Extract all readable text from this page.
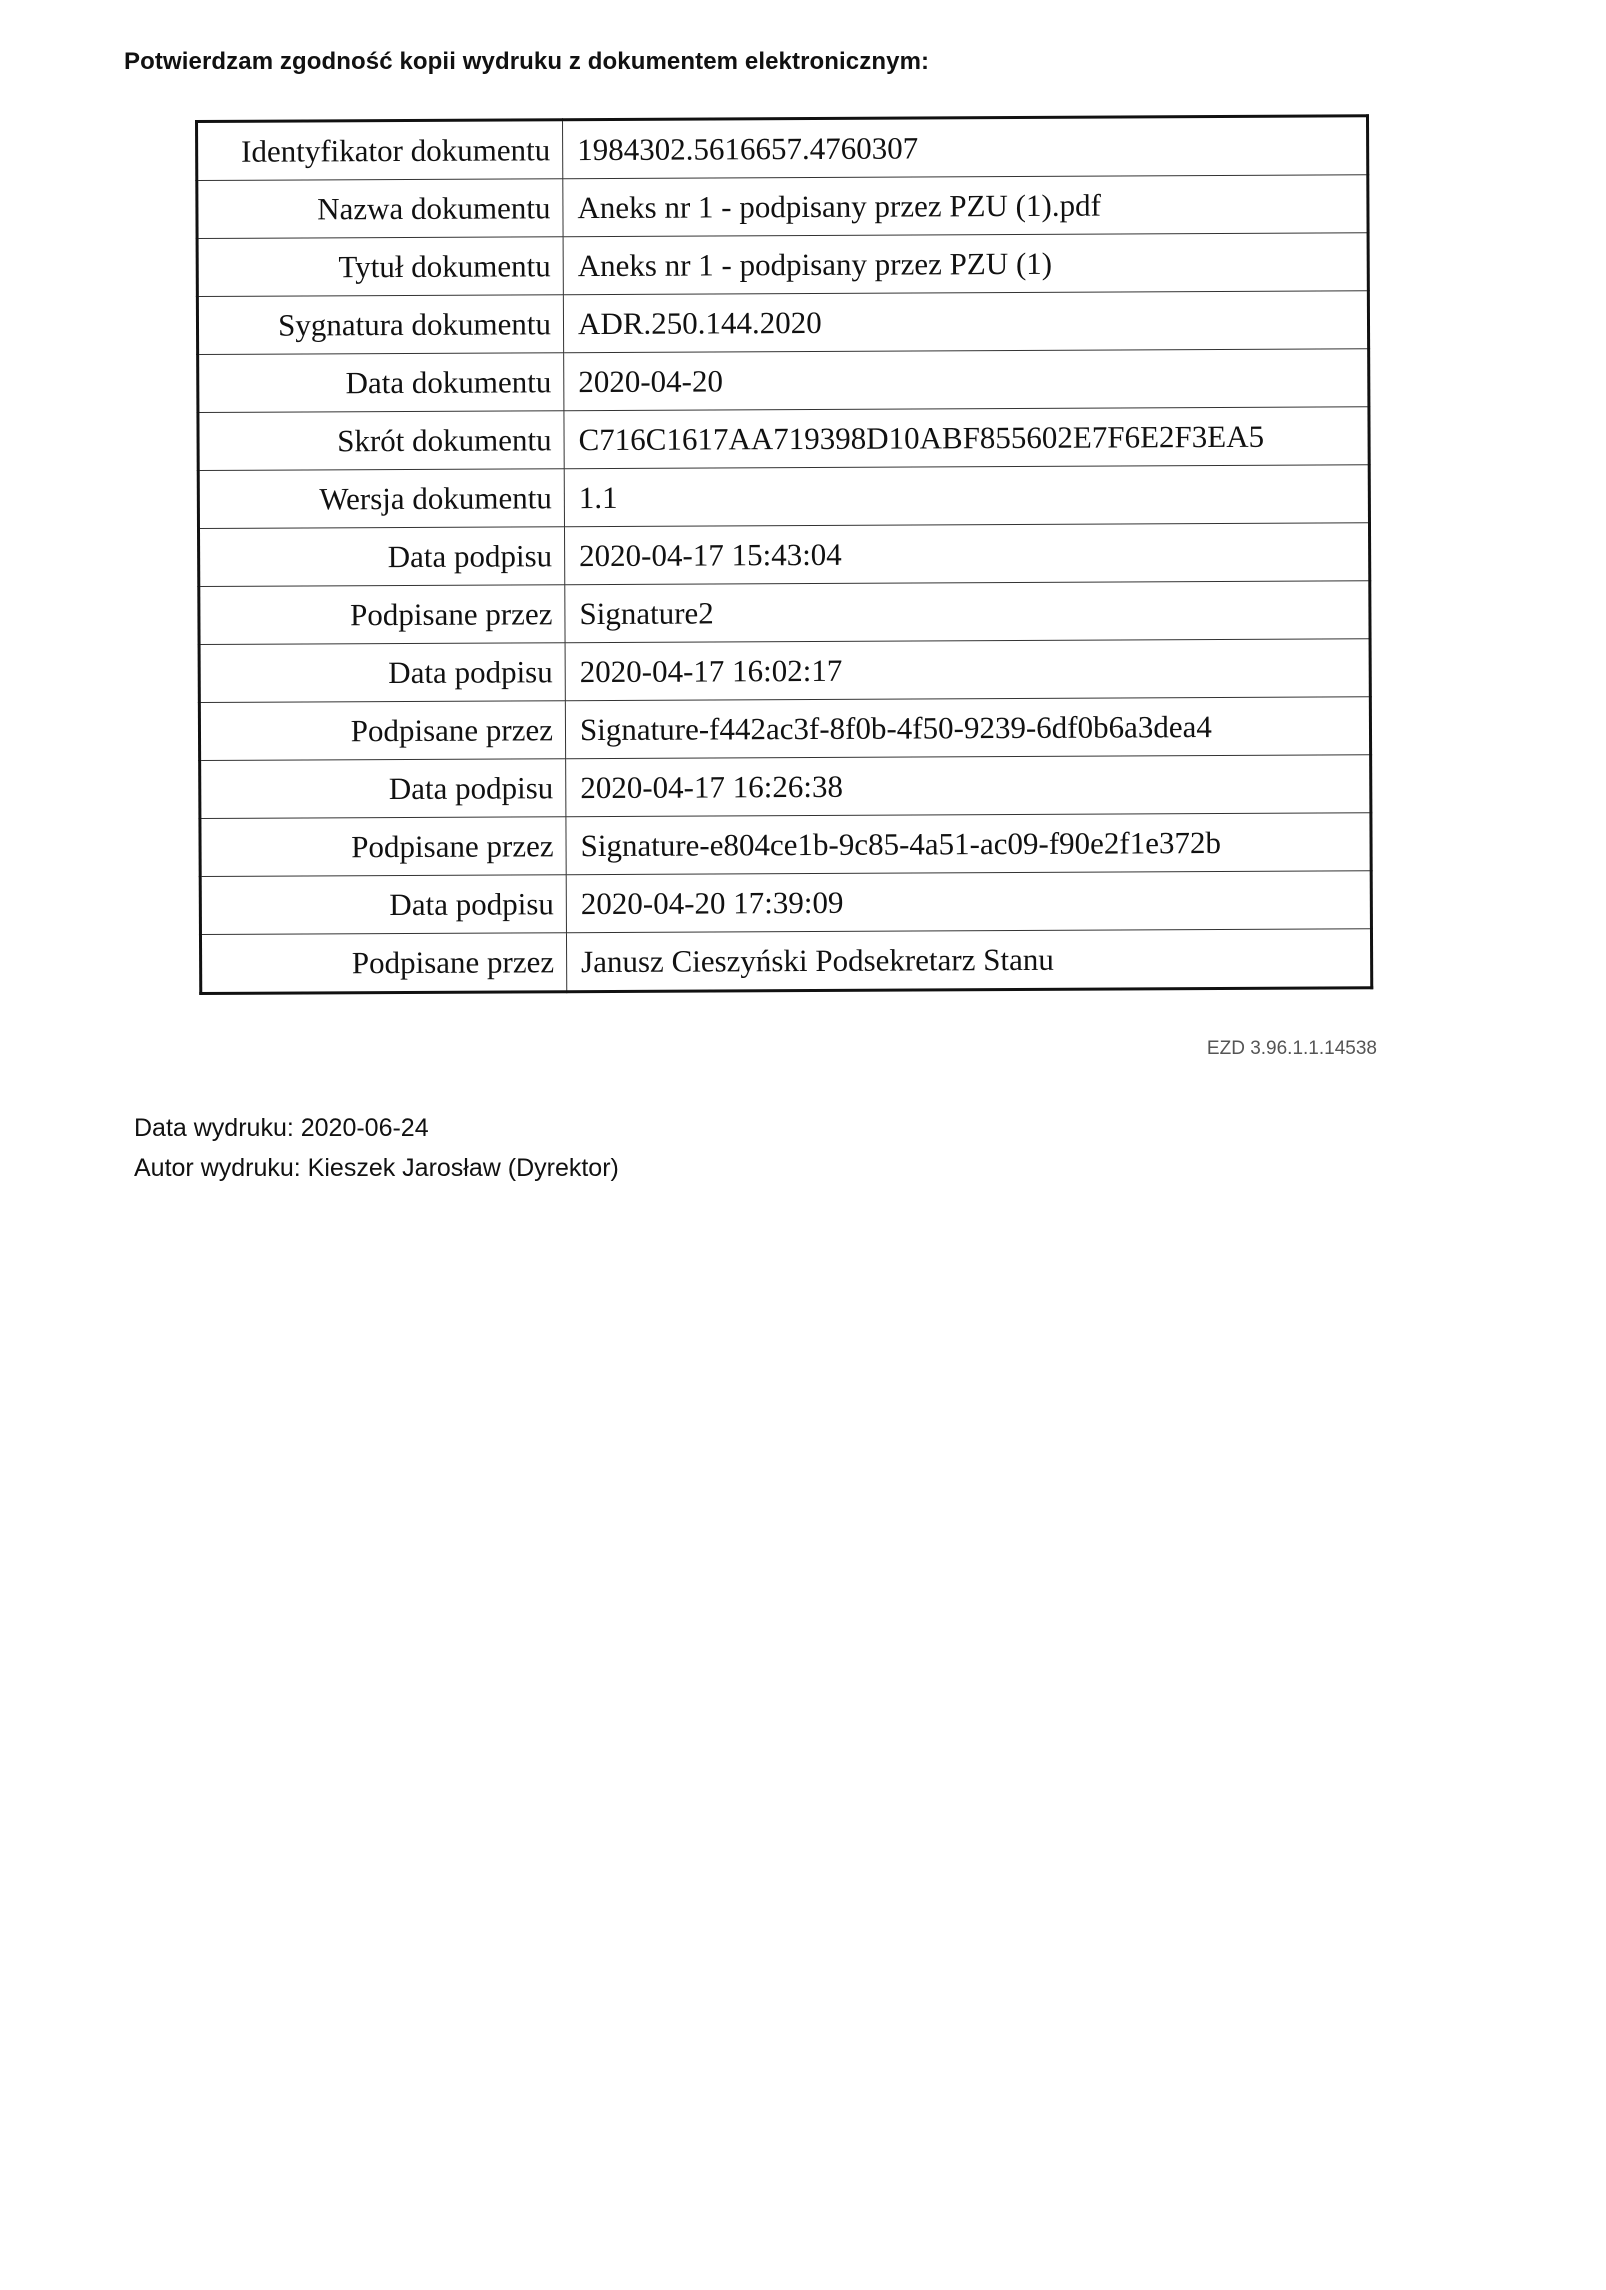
Potwierdzam zgodność kopii wydruku z dokumentem elektronicznym:
Identyfikator dokumentu	1984302.5616657.4760307
Nazwa dokumentu	Aneks nr 1 - podpisany przez PZU (1).pdf
Tytuł dokumentu	Aneks nr 1 - podpisany przez PZU (1)
Sygnatura dokumentu	ADR.250.144.2020
Data dokumentu	2020-04-20
Skrót dokumentu	C716C1617AA719398D10ABF855602E7F6E2F3EA5
Wersja dokumentu	1.1
Data podpisu	2020-04-17 15:43:04
Podpisane przez	Signature2
Data podpisu	2020-04-17 16:02:17
Podpisane przez	Signature-f442ac3f-8f0b-4f50-9239-6df0b6a3dea4
Data podpisu	2020-04-17 16:26:38
Podpisane przez	Signature-e804ce1b-9c85-4a51-ac09-f90e2f1e372b
Data podpisu	2020-04-20 17:39:09
Podpisane przez	Janusz Cieszyński Podsekretarz Stanu
EZD 3.96.1.1.14538
Data wydruku: 2020-06-24
Autor wydruku: Kieszek Jarosław (Dyrektor)
